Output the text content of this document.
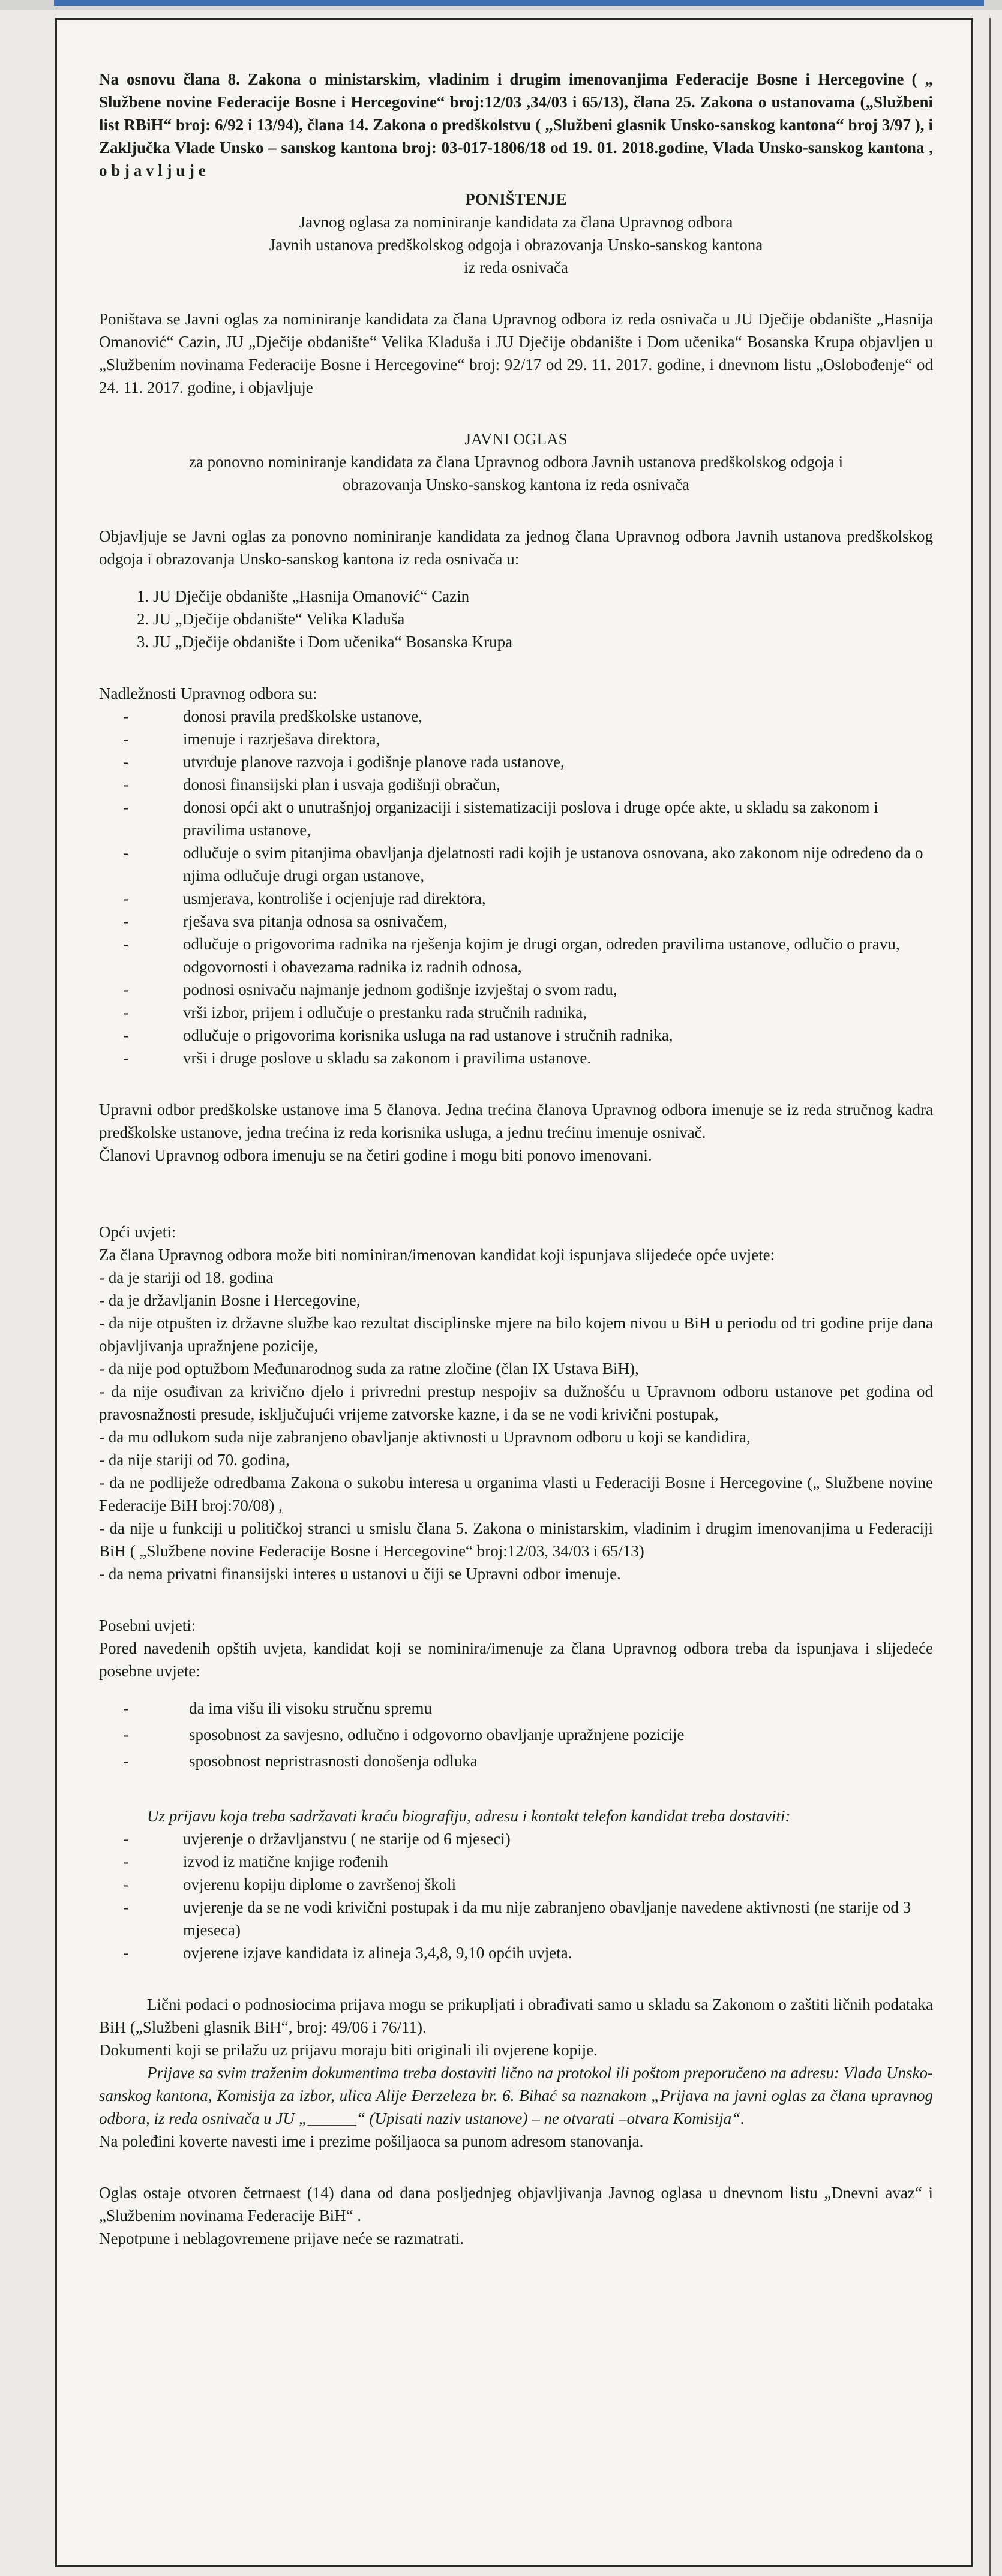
Na osnovu člana 8. Zakona o ministarskim, vladinim i drugim imenovanjima Federacije Bosne i Hercegovine ( „ Službene novine Federacije Bosne i Hercegovine“ broj:12/03 ,34/03 i 65/13), člana 25. Zakona o ustanovama („Službeni list RBiH“ broj: 6/92 i 13/94), člana 14. Zakona o predškolstvu ( „Službeni glasnik Unsko-sanskog kantona“ broj 3/97 ), i Zaključka Vlade Unsko – sanskog kantona broj: 03-017-1806/18 od 19. 01. 2018.godine, Vlada Unsko-sanskog kantona , o b j a v l j u j e

PONIŠTENJE

Javnog oglasa za nominiranje kandidata za člana Upravnog odbora

Javnih ustanova predškolskog odgoja i obrazovanja Unsko-sanskog kantona

iz reda osnivača

Poništava se Javni oglas za nominiranje kandidata za člana Upravnog odbora iz reda osnivača u JU Dječije obdanište „Hasnija Omanović“ Cazin, JU „Dječije obdanište“ Velika Kladuša i JU Dječije obdanište i Dom učenika“ Bosanska Krupa objavljen u „Službenim novinama Federacije Bosne i Hercegovine“ broj: 92/17 od 29. 11. 2017. godine, i dnevnom listu „Oslobođenje“ od 24. 11. 2017. godine, i objavljuje

JAVNI OGLAS

za ponovno nominiranje kandidata za člana Upravnog odbora Javnih ustanova predškolskog odgoja i

obrazovanja Unsko-sanskog kantona iz reda osnivača

Objavljuje se Javni oglas za ponovno nominiranje kandidata za jednog člana Upravnog odbora Javnih ustanova predškolskog odgoja i obrazovanja Unsko-sanskog kantona iz reda osnivača u:

1. JU Dječije obdanište „Hasnija Omanović“ Cazin
2. JU „Dječije obdanište“ Velika Kladuša
3. JU „Dječije obdanište i Dom učenika“ Bosanska Krupa

Nadležnosti Upravnog odbora su:

- donosi pravila predškolske ustanove,
- imenuje i razrješava direktora,
- utvrđuje planove razvoja i godišnje planove rada ustanove,
- donosi finansijski plan i usvaja godišnji obračun,
- donosi opći akt o unutrašnjoj organizaciji i sistematizaciji poslova i druge opće akte, u skladu sa zakonom i pravilima ustanove,
- odlučuje o svim pitanjima obavljanja djelatnosti radi kojih je ustanova osnovana, ako zakonom nije određeno da o njima odlučuje drugi organ ustanove,
- usmjerava, kontroliše i ocjenjuje rad direktora,
- rješava sva pitanja odnosa sa osnivačem,
- odlučuje o prigovorima radnika na rješenja kojim je drugi organ, određen pravilima ustanove, odlučio o pravu, odgovornosti i obavezama radnika iz radnih odnosa,
- podnosi osnivaču najmanje jednom godišnje izvještaj o svom radu,
- vrši izbor, prijem i odlučuje o prestanku rada stručnih radnika,
- odlučuje o prigovorima korisnika usluga na rad ustanove i stručnih radnika,
- vrši i druge poslove u skladu sa zakonom i pravilima ustanove.

Upravni odbor predškolske ustanove ima 5 članova. Jedna trećina članova Upravnog odbora imenuje se iz reda stručnog kadra predškolske ustanove, jedna trećina iz reda korisnika usluga, a jednu trećinu imenuje osnivač.

Članovi Upravnog odbora imenuju se na četiri godine i mogu biti ponovo imenovani.

Opći uvjeti:

Za člana Upravnog odbora može biti nominiran/imenovan kandidat koji ispunjava slijedeće opće uvjete:

- da je stariji od 18. godina

- da je državljanin Bosne i Hercegovine,

- da nije otpušten iz državne službe kao rezultat disciplinske mjere na bilo kojem nivou u BiH u periodu od tri godine prije dana objavljivanja upražnjene pozicije,

- da nije pod optužbom Međunarodnog suda za ratne zločine (član IX Ustava BiH),

- da nije osuđivan za krivično djelo i privredni prestup nespojiv sa dužnošću u Upravnom odboru ustanove pet godina od pravosnažnosti presude, isključujući vrijeme zatvorske kazne, i da se ne vodi krivični postupak,

- da mu odlukom suda nije zabranjeno obavljanje aktivnosti u Upravnom odboru u koji se kandidira,

- da nije stariji od 70. godina,

- da ne podliježe odredbama Zakona o sukobu interesa u organima vlasti u Federaciji Bosne i Hercegovine („ Službene novine Federacije BiH broj:70/08) ,

- da nije u funkciji u političkoj stranci u smislu člana 5. Zakona o ministarskim, vladinim i drugim imenovanjima u Federaciji BiH ( „Službene novine Federacije Bosne i Hercegovine“ broj:12/03, 34/03 i 65/13)

- da nema privatni finansijski interes u ustanovi u čiji se Upravni odbor imenuje.

Posebni uvjeti:

Pored navedenih opštih uvjeta, kandidat koji se nominira/imenuje za člana Upravnog odbora treba da ispunjava i slijedeće posebne uvjete:

- da ima višu ili visoku stručnu spremu
- sposobnost za savjesno, odlučno i odgovorno obavljanje upražnjene pozicije
- sposobnost nepristrasnosti donošenja odluka

Uz prijavu koja treba sadržavati kraću biografiju, adresu i kontakt telefon kandidat treba dostaviti:

- uvjerenje o državljanstvu ( ne starije od 6 mjeseci)
- izvod iz matične knjige rođenih
- ovjerenu kopiju diplome o završenoj školi
- uvjerenje da se ne vodi krivični postupak i da mu nije zabranjeno obavljanje navedene aktivnosti (ne starije od 3 mjeseca)
- ovjerene izjave kandidata iz alineja 3,4,8, 9,10 općih uvjeta.

Lični podaci o podnosiocima prijava mogu se prikupljati i obrađivati samo u skladu sa Zakonom o zaštiti ličnih podataka BiH („Službeni glasnik BiH“, broj: 49/06 i 76/11).

Dokumenti koji se prilažu uz prijavu moraju biti originali ili ovjerene kopije.

Prijave sa svim traženim dokumentima treba dostaviti lično na protokol ili poštom preporučeno na adresu: Vlada Unsko-sanskog kantona, Komisija za izbor, ulica Alije Đerzeleza br. 6. Bihać sa naznakom „Prijava na javni oglas za člana upravnog odbora, iz reda osnivača u JU „______“ (Upisati naziv ustanove) – ne otvarati –otvara Komisija“.

Na poleđini koverte navesti ime i prezime pošiljaoca sa punom adresom stanovanja.

Oglas ostaje otvoren četrnaest (14) dana od dana posljednjeg objavljivanja Javnog oglasa u dnevnom listu „Dnevni avaz“ i „Službenim novinama Federacije BiH“ .

Nepotpune i neblagovremene prijave neće se razmatrati.
